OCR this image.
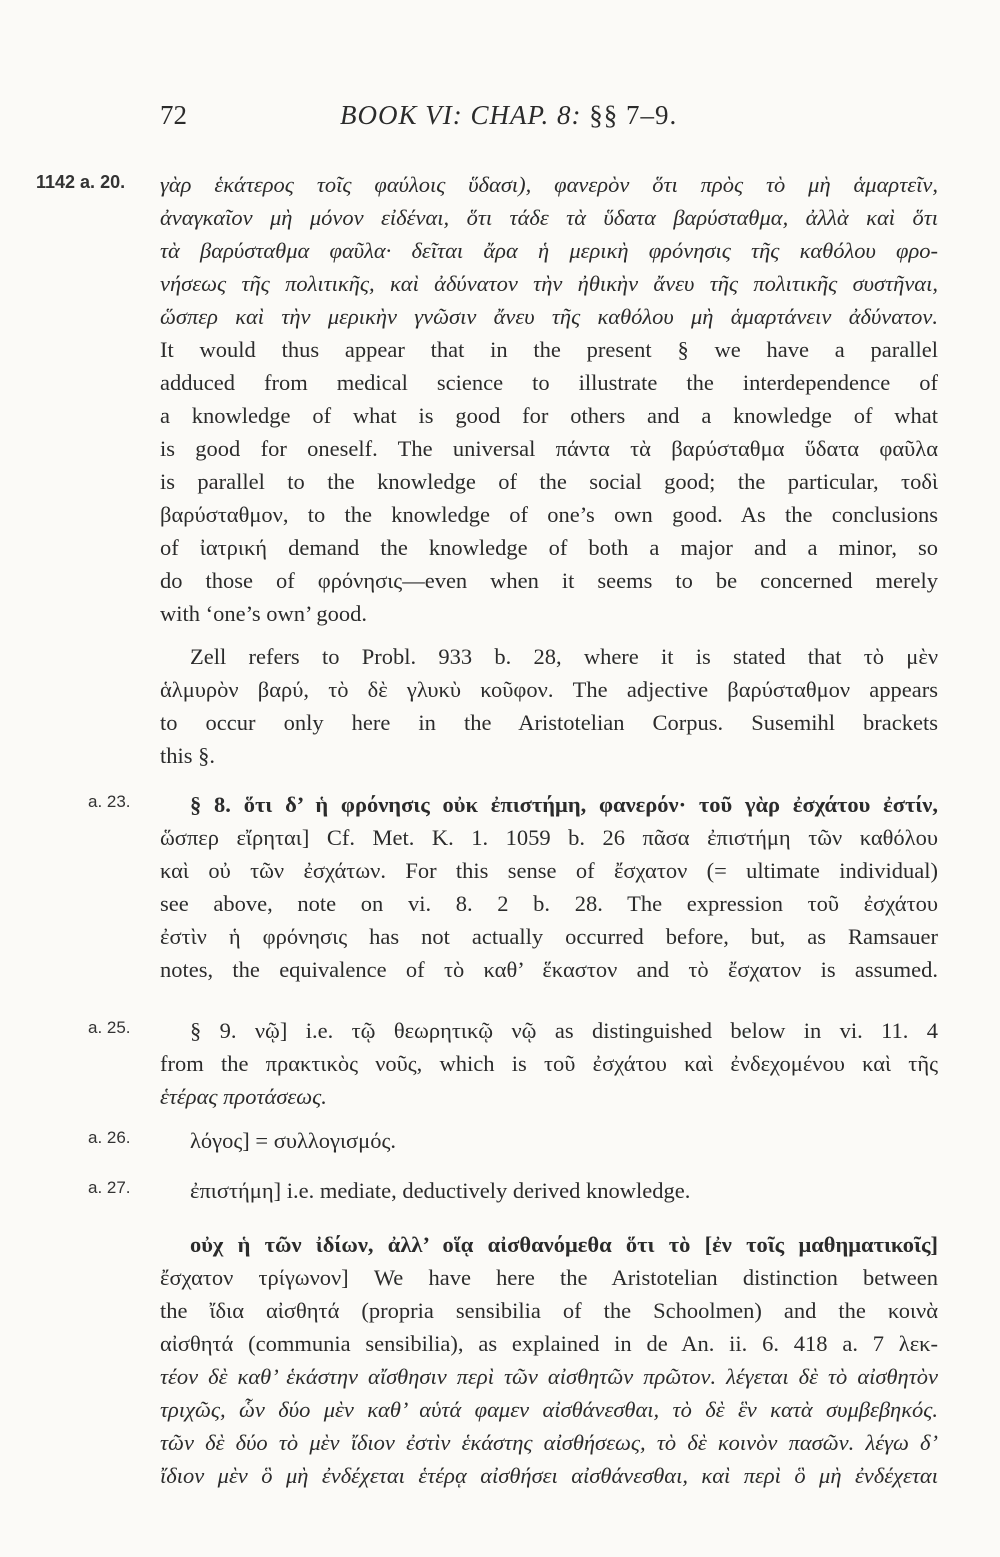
72	BOOK VI: CHAP. 8: §§ 7–9.
1142 a. 20.
a. 23.
a. 25.
a. 26.
a. 27.
γὰρ ἑκάτερος τοῖς φαύλοις ὕδασι), φανερὸν ὅτι πρὸς τὸ μὴ ἁμαρτεῖν,
ἀναγκαῖον μὴ μόνον εἰδέναι, ὅτι τάδε τὰ ὕδατα βαρύσταθμα, ἀλλὰ καὶ ὅτι
τὰ βαρύσταθμα φαῦλα· δεῖται ἄρα ἡ μερικὴ φρόνησις τῆς καθόλου φρο-
νήσεως τῆς πολιτικῆς, καὶ ἀδύνατον τὴν ἠθικὴν ἄνευ τῆς πολιτικῆς συστῆναι,
ὥσπερ καὶ τὴν μερικὴν γνῶσιν ἄνευ τῆς καθόλου μὴ ἁμαρτάνειν ἀδύνατον.
It would thus appear that in the present § we have a parallel
adduced from medical science to illustrate the interdependence of
a knowledge of what is good for others and a knowledge of what
is good for oneself. The universal πάντα τὰ βαρύσταθμα ὕδατα φαῦλα
is parallel to the knowledge of the social good; the particular, τοδὶ
βαρύσταθμον, to the knowledge of one’s own good. As the conclusions
of ἰατρική demand the knowledge of both a major and a minor, so
do those of φρόνησις—even when it seems to be concerned merely
with ‘one’s own’ good.
Zell refers to Probl. 933 b. 28, where it is stated that τὸ μὲν
ἁλμυρὸν βαρύ, τὸ δὲ γλυκὺ κοῦφον. The adjective βαρύσταθμον appears
to occur only here in the Aristotelian Corpus. Susemihl brackets
this §.
§ 8. ὅτι δ’ ἡ φρόνησις οὐκ ἐπιστήμη, φανερόν· τοῦ γὰρ ἐσχάτου ἐστίν,
ὥσπερ εἴρηται] Cf. Met. K. 1. 1059 b. 26 πᾶσα ἐπιστήμη τῶν καθόλου
καὶ οὐ τῶν ἐσχάτων. For this sense of ἔσχατον (= ultimate individual)
see above, note on vi. 8. 2 b. 28. The expression τοῦ ἐσχάτου
ἐστὶν ἡ φρόνησις has not actually occurred before, but, as Ramsauer
notes, the equivalence of τὸ καθ’ ἕκαστον and τὸ ἔσχατον is assumed.
§ 9. νῷ] i.e. τῷ θεωρητικῷ νῷ as distinguished below in vi. 11. 4
from the πρακτικὸς νοῦς, which is τοῦ ἐσχάτου καὶ ἐνδεχομένου καὶ τῆς
ἑτέρας προτάσεως.
λόγος] = συλλογισμός.
ἐπιστήμη] i.e. mediate, deductively derived knowledge.
οὐχ ἡ τῶν ἰδίων, ἀλλ’ οἵᾳ αἰσθανόμεθα ὅτι τὸ [ἐν τοῖς μαθηματικοῖς]
ἔσχατον τρίγωνον] We have here the Aristotelian distinction between
the ἴδια αἰσθητά (propria sensibilia of the Schoolmen) and the κοινὰ
αἰσθητά (communia sensibilia), as explained in de An. ii. 6. 418 a. 7 λεκ-
τέον δὲ καθ’ ἑκάστην αἴσθησιν περὶ τῶν αἰσθητῶν πρῶτον. λέγεται δὲ τὸ αἰσθητὸν
τριχῶς, ὧν δύο μὲν καθ’ αὑτά φαμεν αἰσθάνεσθαι, τὸ δὲ ἓν κατὰ συμβεβηκός.
τῶν δὲ δύο τὸ μὲν ἴδιον ἐστὶν ἑκάστης αἰσθήσεως, τὸ δὲ κοινὸν πασῶν. λέγω δ’
ἴδιον μὲν ὃ μὴ ἐνδέχεται ἑτέρᾳ αἰσθήσει αἰσθάνεσθαι, καὶ περὶ ὃ μὴ ἐνδέχεται
